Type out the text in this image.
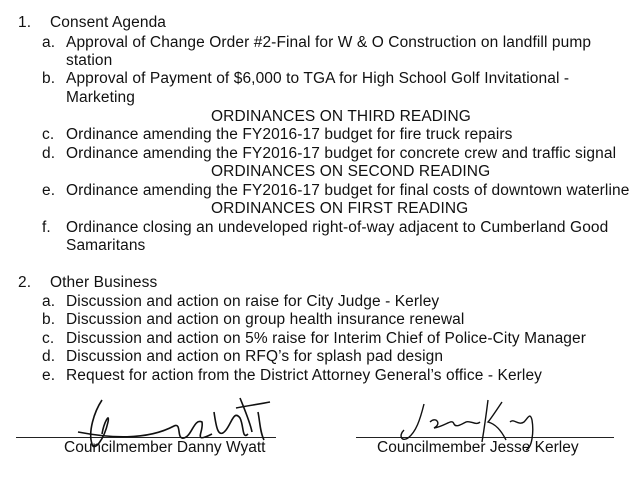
1. Consent Agenda
a. Approval of Change Order #2-Final for W & O Construction on landfill pump
station
b. Approval of Payment of $6,000 to TGA for High School Golf Invitational -
Marketing
ORDINANCES ON THIRD READING
c. Ordinance amending the FY2016-17 budget for fire truck repairs
d. Ordinance amending the FY2016-17 budget for concrete crew and traffic signal
ORDINANCES ON SECOND READING
e. Ordinance amending the FY2016-17 budget for final costs of downtown waterline
ORDINANCES ON FIRST READING
f. Ordinance closing an undeveloped right-of-way adjacent to Cumberland Good
Samaritans
2. Other Business
a. Discussion and action on raise for City Judge - Kerley
b. Discussion and action on group health insurance renewal
c. Discussion and action on 5% raise for Interim Chief of Police-City Manager
d. Discussion and action on RFQ’s for splash pad design
e. Request for action from the District Attorney General’s office - Kerley
Councilmember Danny Wyatt	Councilmember Jesse Kerley
